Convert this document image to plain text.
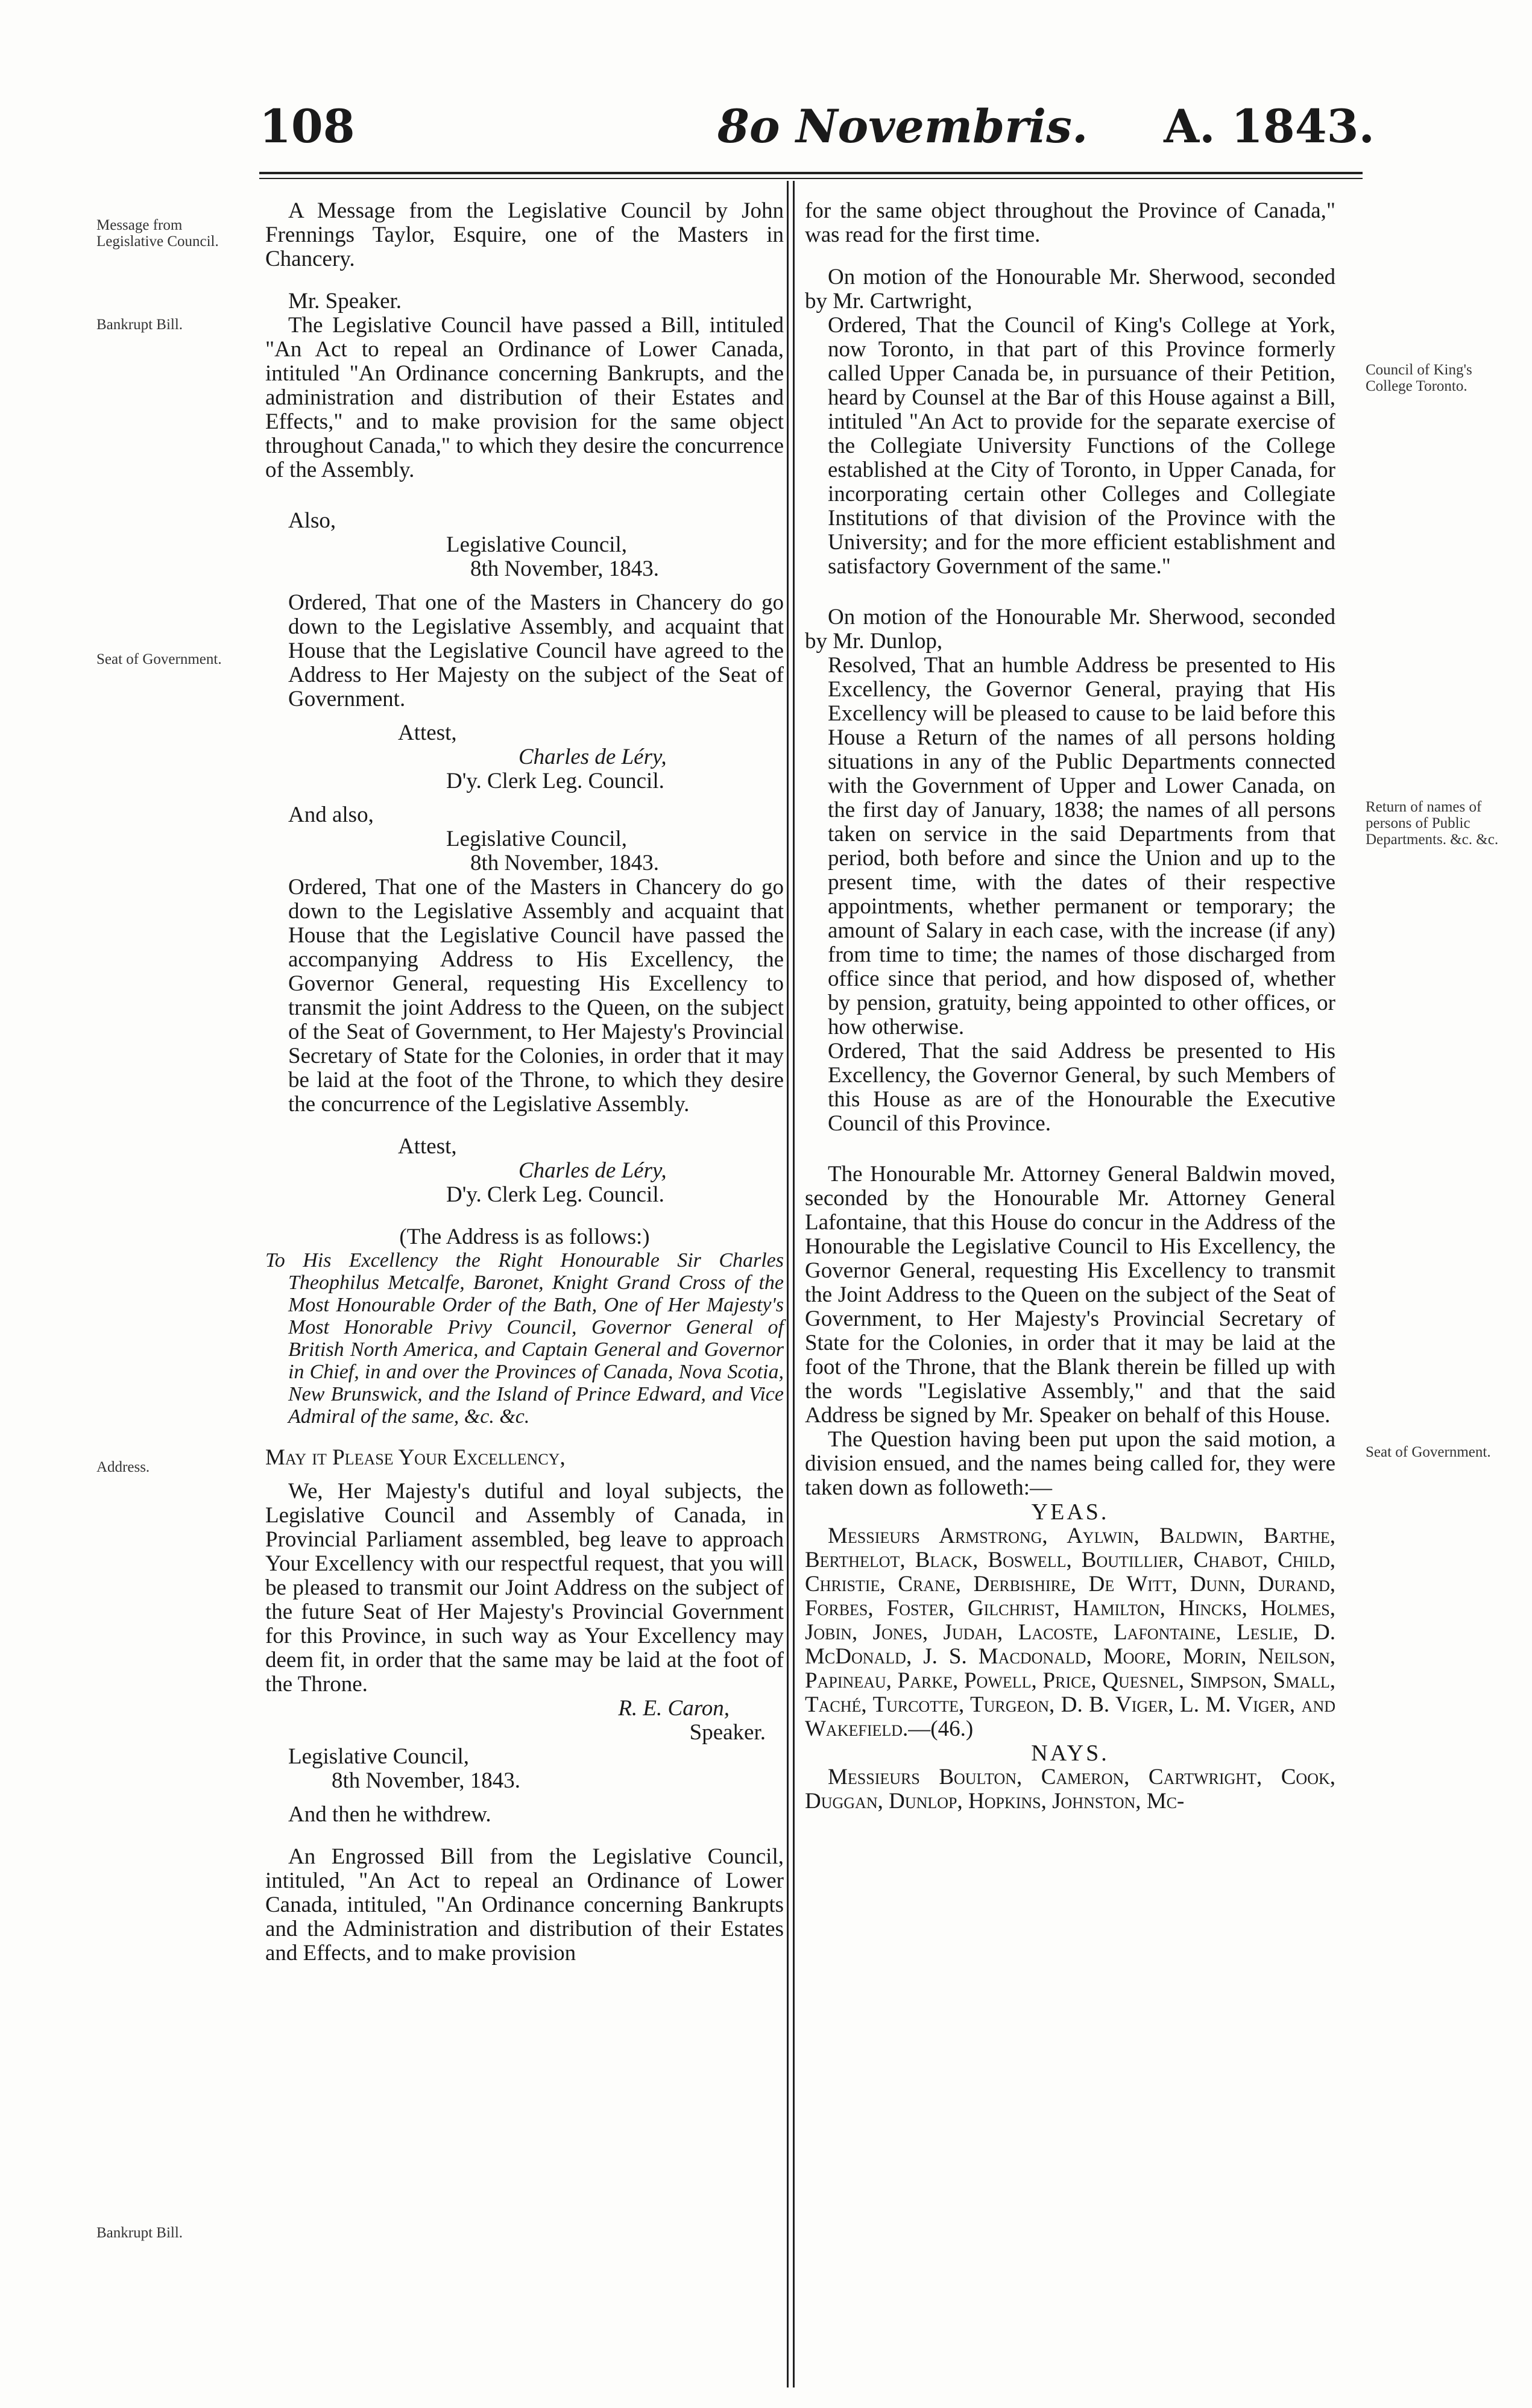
108	8o Novembris. A. 1843.
Message from Legislative Council.
Bankrupt Bill.
Seat of Government.
Address.
Bankrupt Bill.
Council of King's College Toronto.
Return of names of persons of Public Departments. &c. &c.
Seat of Government.

A Message from the Legislative Council by John Frennings Taylor, Esquire, one of the Masters in Chancery.

Mr. Speaker.

The Legislative Council have passed a Bill, intituled "An Act to repeal an Ordinance of Lower Canada, intituled "An Ordinance concerning Bankrupts, and the administration and distribution of their Estates and Effects," and to make provision for the same object throughout Canada," to which they desire the concurrence of the Assembly.

Also,

Legislative Council,

8th November, 1843.

Ordered, That one of the Masters in Chancery do go down to the Legislative Assembly, and acquaint that House that the Legislative Council have agreed to the Address to Her Majesty on the subject of the Seat of Government.

Attest,

Charles de Léry,

D'y. Clerk Leg. Council.

And also,

Legislative Council,

8th November, 1843.

Ordered, That one of the Masters in Chancery do go down to the Legislative Assembly and acquaint that House that the Legislative Council have passed the accompanying Address to His Excellency, the Governor General, requesting His Excellency to transmit the joint Address to the Queen, on the subject of the Seat of Government, to Her Majesty's Provincial Secretary of State for the Colonies, in order that it may be laid at the foot of the Throne, to which they desire the concurrence of the Legislative Assembly.

Attest,

Charles de Léry,

D'y. Clerk Leg. Council.

(The Address is as follows:)

To His Excellency the Right Honourable Sir Charles Theophilus Metcalfe, Baronet, Knight Grand Cross of the Most Honourable Order of the Bath, One of Her Majesty's Most Honorable Privy Council, Governor General of British North America, and Captain General and Governor in Chief, in and over the Provinces of Canada, Nova Scotia, New Brunswick, and the Island of Prince Edward, and Vice Admiral of the same, &c. &c.

May it Please Your Excellency,

We, Her Majesty's dutiful and loyal subjects, the Legislative Council and Assembly of Canada, in Provincial Parliament assembled, beg leave to approach Your Excellency with our respectful request, that you will be pleased to transmit our Joint Address on the subject of the future Seat of Her Majesty's Provincial Government for this Province, in such way as Your Excellency may deem fit, in order that the same may be laid at the foot of the Throne.

R. E. Caron,

Speaker.

Legislative Council,

8th November, 1843.

And then he withdrew.

An Engrossed Bill from the Legislative Council, intituled, "An Act to repeal an Ordinance of Lower Canada, intituled, "An Ordinance concerning Bankrupts and the Administration and distribution of their Estates and Effects, and to make provision

for the same object throughout the Province of Canada," was read for the first time.

On motion of the Honourable Mr. Sherwood, seconded by Mr. Cartwright,

Ordered, That the Council of King's College at York, now Toronto, in that part of this Province formerly called Upper Canada be, in pursuance of their Petition, heard by Counsel at the Bar of this House against a Bill, intituled "An Act to provide for the separate exercise of the Collegiate University Functions of the College established at the City of Toronto, in Upper Canada, for incorporating certain other Colleges and Collegiate Institutions of that division of the Province with the University; and for the more efficient establishment and satisfactory Government of the same."

On motion of the Honourable Mr. Sherwood, seconded by Mr. Dunlop,

Resolved, That an humble Address be presented to His Excellency, the Governor General, praying that His Excellency will be pleased to cause to be laid before this House a Return of the names of all persons holding situations in any of the Public Departments connected with the Government of Upper and Lower Canada, on the first day of January, 1838; the names of all persons taken on service in the said Departments from that period, both before and since the Union and up to the present time, with the dates of their respective appointments, whether permanent or temporary; the amount of Salary in each case, with the increase (if any) from time to time; the names of those discharged from office since that period, and how disposed of, whether by pension, gratuity, being appointed to other offices, or how otherwise.

Ordered, That the said Address be presented to His Excellency, the Governor General, by such Members of this House as are of the Honourable the Executive Council of this Province.

The Honourable Mr. Attorney General Baldwin moved, seconded by the Honourable Mr. Attorney General Lafontaine, that this House do concur in the Address of the Honourable the Legislative Council to His Excellency, the Governor General, requesting His Excellency to transmit the Joint Address to the Queen on the subject of the Seat of Government, to Her Majesty's Provincial Secretary of State for the Colonies, in order that it may be laid at the foot of the Throne, that the Blank therein be filled up with the words "Legislative Assembly," and that the said Address be signed by Mr. Speaker on behalf of this House.

The Question having been put upon the said motion, a division ensued, and the names being called for, they were taken down as followeth:—

YEAS.

Messieurs Armstrong, Aylwin, Baldwin, Barthe, Berthelot, Black, Boswell, Boutillier, Chabot, Child, Christie, Crane, Derbishire, De Witt, Dunn, Durand, Forbes, Foster, Gilchrist, Hamilton, Hincks, Holmes, Jobin, Jones, Judah, Lacoste, Lafontaine, Leslie, D. McDonald, J. S. Macdonald, Moore, Morin, Neilson, Papineau, Parke, Powell, Price, Quesnel, Simpson, Small, Taché, Turcotte, Turgeon, D. B. Viger, L. M. Viger, and Wakefield.—(46.)

NAYS.

Messieurs Boulton, Cameron, Cartwright, Cook, Duggan, Dunlop, Hopkins, Johnston, Mc-
